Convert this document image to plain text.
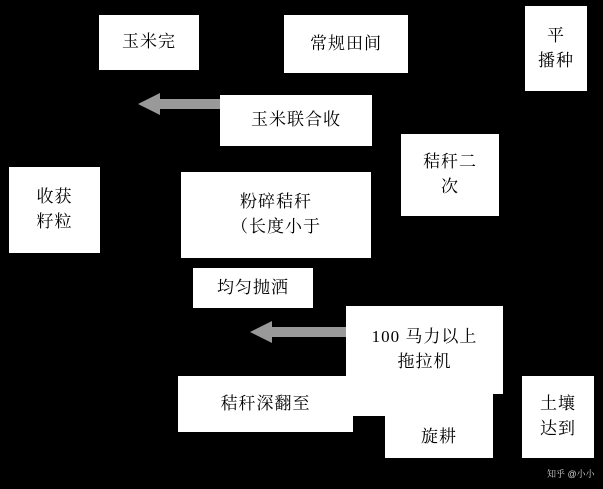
玉米完	常规田间	平
播种
玉米联合收
秸秆二
次
收获
籽粒
粉碎秸秆
（长度小于
均匀抛洒
100 马力以上
拖拉机
秸秆深翻至
旋耕
土壤
达到
知乎 @小小
